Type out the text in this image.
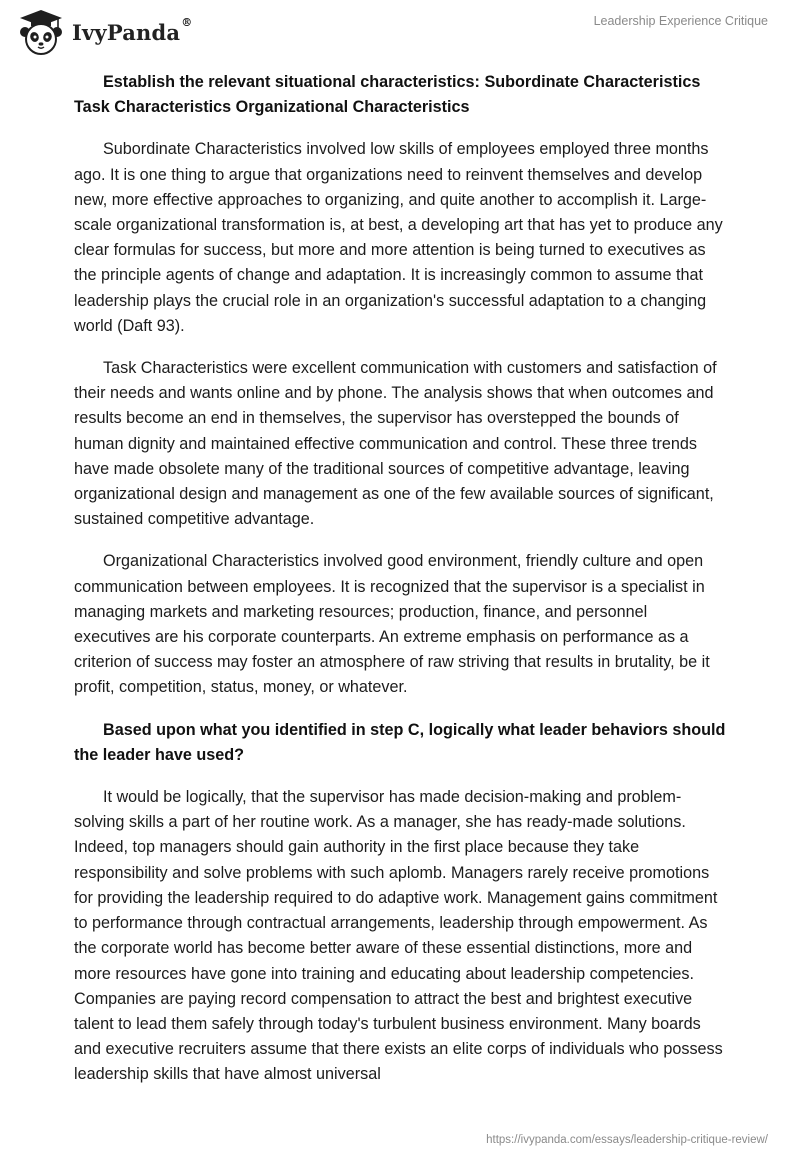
IvyPanda®	Leadership Experience Critique

Establish the relevant situational characteristics: Subordinate Characteristics Task Characteristics Organizational Characteristics

Subordinate Characteristics involved low skills of employees employed three months ago. It is one thing to argue that organizations need to reinvent themselves and develop new, more effective approaches to organizing, and quite another to accomplish it. Large-scale organizational transformation is, at best, a developing art that has yet to produce any clear formulas for success, but more and more attention is being turned to executives as the principle agents of change and adaptation. It is increasingly common to assume that leadership plays the crucial role in an organization's successful adaptation to a changing world (Daft 93).

Task Characteristics were excellent communication with customers and satisfaction of their needs and wants online and by phone. The analysis shows that when outcomes and results become an end in themselves, the supervisor has overstepped the bounds of human dignity and maintained effective communication and control. These three trends have made obsolete many of the traditional sources of competitive advantage, leaving organizational design and management as one of the few available sources of significant, sustained competitive advantage.

Organizational Characteristics involved good environment, friendly culture and open communication between employees. It is recognized that the supervisor is a specialist in managing markets and marketing resources; production, finance, and personnel executives are his corporate counterparts. An extreme emphasis on performance as a criterion of success may foster an atmosphere of raw striving that results in brutality, be it profit, competition, status, money, or whatever.

Based upon what you identified in step C, logically what leader behaviors should the leader have used?

It would be logically, that the supervisor has made decision-making and problem-solving skills a part of her routine work. As a manager, she has ready-made solutions. Indeed, top managers should gain authority in the first place because they take responsibility and solve problems with such aplomb. Managers rarely receive promotions for providing the leadership required to do adaptive work. Management gains commitment to performance through contractual arrangements, leadership through empowerment. As the corporate world has become better aware of these essential distinctions, more and more resources have gone into training and educating about leadership competencies. Companies are paying record compensation to attract the best and brightest executive talent to lead them safely through today's turbulent business environment. Many boards and executive recruiters assume that there exists an elite corps of individuals who possess leadership skills that have almost universal

https://ivypanda.com/essays/leadership-critique-review/
